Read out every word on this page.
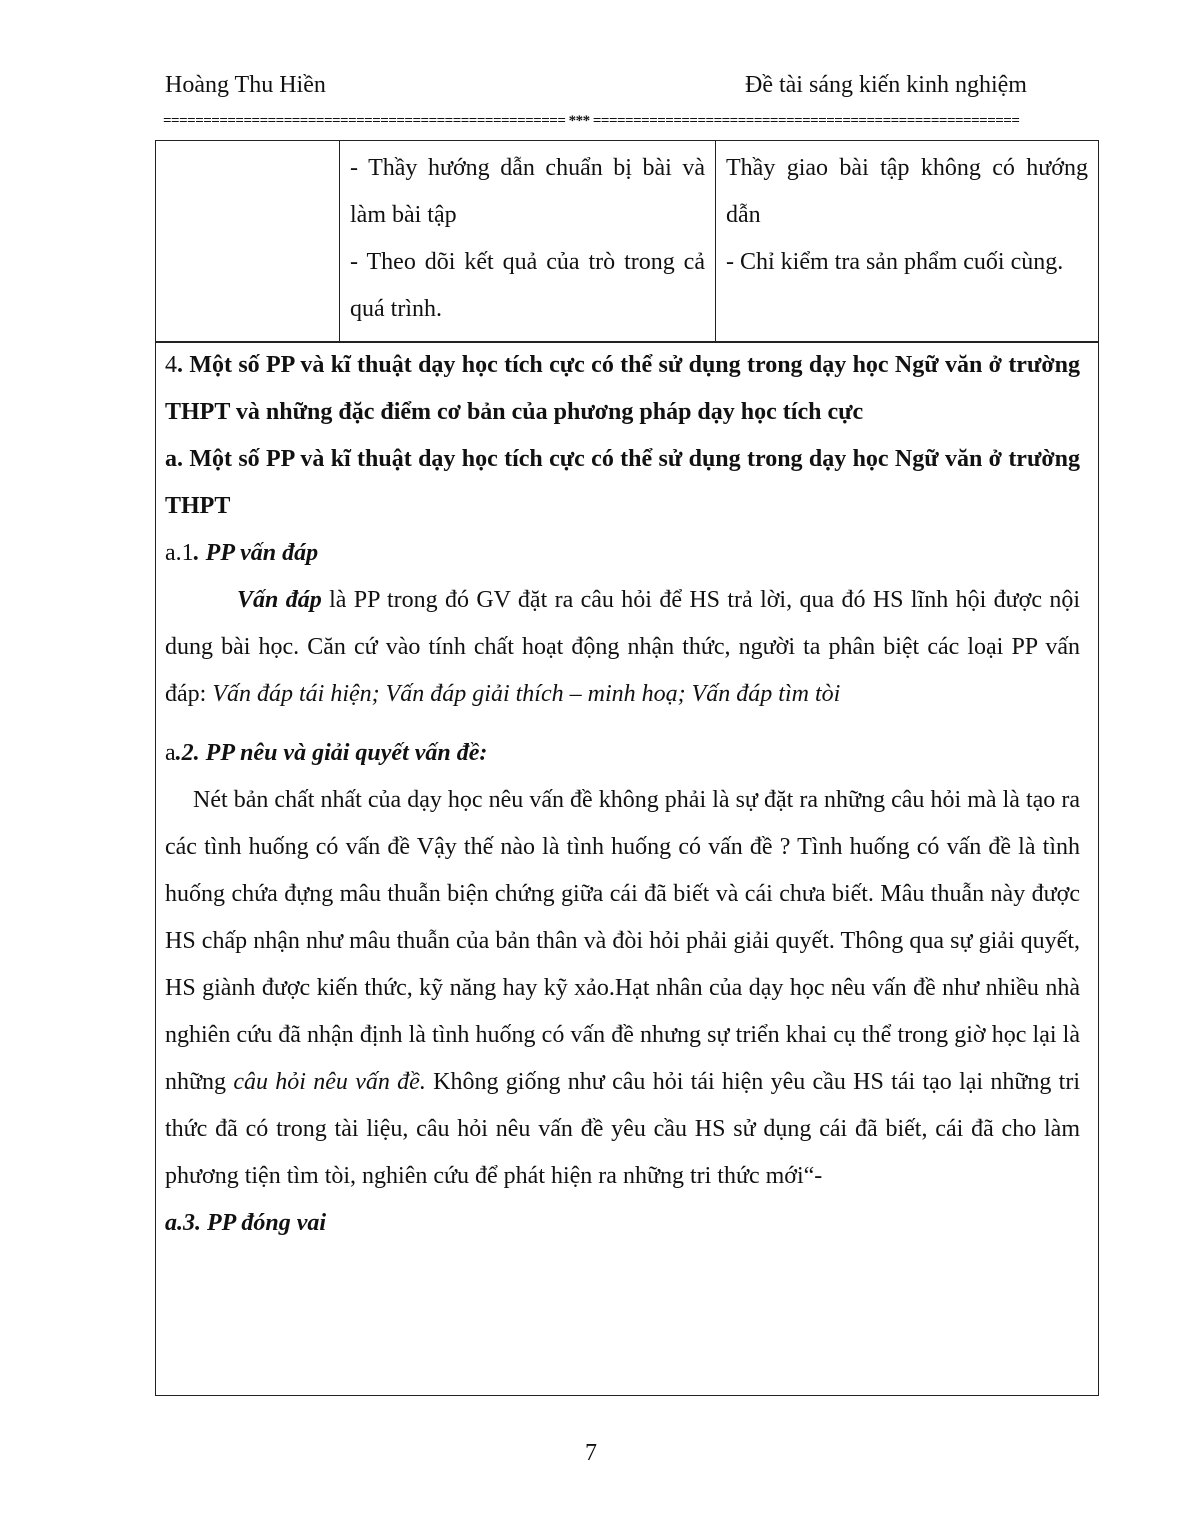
Hoàng Thu Hiền	Đề tài sáng kiến kinh nghiệm
================================================== *** =====================================================

- Thầy hướng dẫn chuẩn bị bài và làm bài tập
- Theo dõi kết quả của trò trong cả quá trình.

Thầy giao bài tập không có hướng dẫn
- Chỉ kiểm tra sản phẩm cuối cùng.

4. Một số PP và kĩ thuật dạy học tích cực có thể sử dụng trong dạy học Ngữ văn ở trường THPT và những đặc điểm cơ bản của phương pháp dạy học tích cực

a. Một số PP và kĩ thuật dạy học tích cực có thể sử dụng trong dạy học Ngữ văn ở trường THPT

a.1. PP vấn đáp

Vấn đáp là PP trong đó GV đặt ra câu hỏi để HS trả lời, qua đó HS lĩnh hội được nội dung bài học. Căn cứ vào tính chất hoạt động nhận thức, người ta phân biệt các loại PP vấn đáp: Vấn đáp tái hiện; Vấn đáp giải thích – minh hoạ; Vấn đáp tìm tòi

a.2. PP nêu và giải quyết vấn đề:

Nét bản chất nhất của dạy học nêu vấn đề không phải là sự đặt ra những câu hỏi mà là tạo ra các tình huống có vấn đề Vậy thế nào là tình huống có vấn đề ? Tình huống có vấn đề là tình huống chứa đựng mâu thuẫn biện chứng giữa cái đã biết và cái chưa biết. Mâu thuẫn này được HS chấp nhận như mâu thuẫn của bản thân và đòi hỏi phải giải quyết. Thông qua sự giải quyết, HS giành được kiến thức, kỹ năng hay kỹ xảo.Hạt nhân của dạy học nêu vấn đề như nhiều nhà nghiên cứu đã nhận định là tình huống có vấn đề nhưng sự triển khai cụ thể trong giờ học lại là những câu hỏi nêu vấn đề. Không giống như câu hỏi tái hiện yêu cầu HS tái tạo lại những tri thức đã có trong tài liệu, câu hỏi nêu vấn đề yêu cầu HS sử dụng cái đã biết, cái đã cho làm phương tiện tìm tòi, nghiên cứu để phát hiện ra những tri thức mới“-

a.3. PP đóng vai

7
